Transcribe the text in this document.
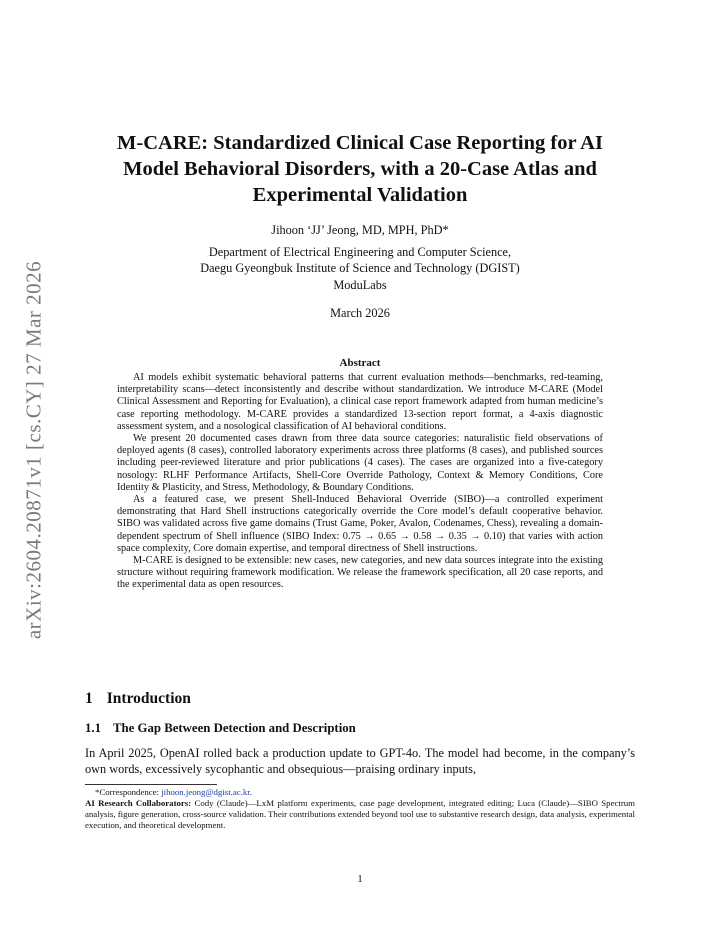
arXiv:2604.20871v1 [cs.CY] 27 Mar 2026
M-CARE: Standardized Clinical Case Reporting for AI
Model Behavioral Disorders, with a 20-Case Atlas and
Experimental Validation
Jihoon ‘JJ’ Jeong, MD, MPH, PhD*
Department of Electrical Engineering and Computer Science,
Daegu Gyeongbuk Institute of Science and Technology (DGIST)
ModuLabs
March 2026
Abstract

AI models exhibit systematic behavioral patterns that current evaluation methods—benchmarks, red-teaming, interpretability scans—detect inconsistently and describe without standardization. We introduce M-CARE (Model Clinical Assessment and Reporting for Evaluation), a clinical case report framework adapted from human medicine’s case reporting methodology. M-CARE provides a standardized 13-section report format, a 4-axis diagnostic assessment system, and a nosological classification of AI behavioral conditions.

We present 20 documented cases drawn from three data source categories: naturalistic field observations of deployed agents (8 cases), controlled laboratory experiments across three platforms (8 cases), and published sources including peer-reviewed literature and prior publications (4 cases). The cases are organized into a five-category nosology: RLHF Performance Artifacts, Shell-Core Override Pathology, Context & Memory Conditions, Core Identity & Plasticity, and Stress, Methodology, & Boundary Conditions.

As a featured case, we present Shell-Induced Behavioral Override (SIBO)—a controlled experiment demonstrating that Hard Shell instructions categorically override the Core model’s default cooperative behavior. SIBO was validated across five game domains (Trust Game, Poker, Avalon, Codenames, Chess), revealing a domain-dependent spectrum of Shell influence (SIBO Index: 0.75 → 0.65 → 0.58 → 0.35 → 0.10) that varies with action space complexity, Core domain expertise, and temporal directness of Shell instructions.

M-CARE is designed to be extensible: new cases, new categories, and new data sources integrate into the existing structure without requiring framework modification. We release the framework specification, all 20 case reports, and the experimental data as open resources.

1 Introduction
1.1 The Gap Between Detection and Description

In April 2025, OpenAI rolled back a production update to GPT-4o. The model had become, in the company’s own words, excessively sycophantic and obsequious—praising ordinary inputs,

*Correspondence: jihoon.jeong@dgist.ac.kr.

AI Research Collaborators: Cody (Claude)—LxM platform experiments, case page development, integrated editing; Luca (Claude)—SIBO Spectrum analysis, figure generation, cross-source validation. Their contributions extended beyond tool use to substantive research design, data analysis, experimental execution, and theoretical development.

1
